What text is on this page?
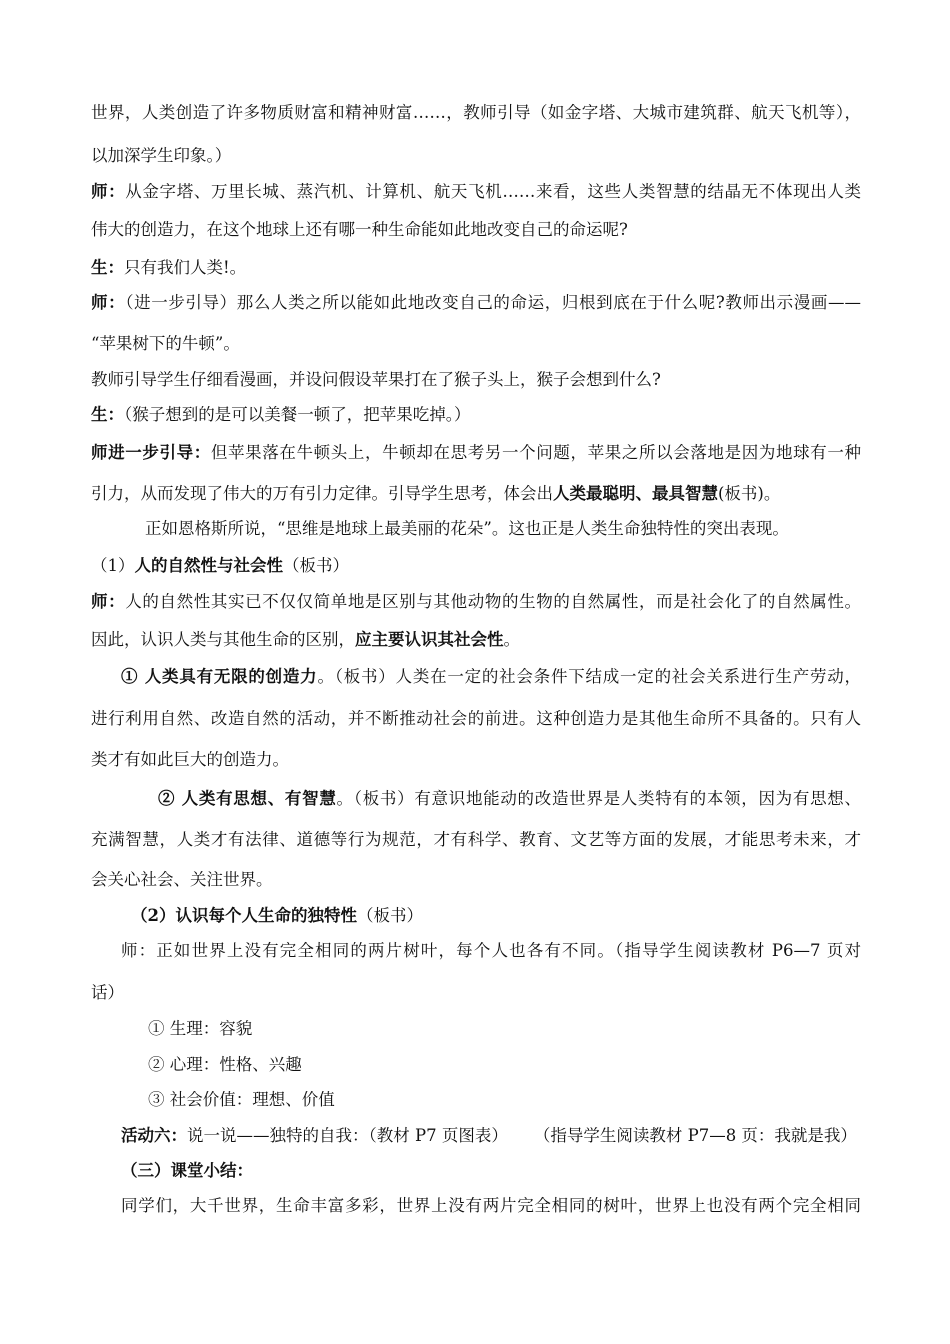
世界，人类创造了许多物质财富和精神财富……，教师引导（如金字塔、大城市建筑群、航天飞机等），
以加深学生印象。）
师：从金字塔、万里长城、蒸汽机、计算机、航天飞机……来看，这些人类智慧的结晶无不体现出人类
伟大的创造力，在这个地球上还有哪一种生命能如此地改变自己的命运呢?
生：只有我们人类!。
师：（进一步引导）那么人类之所以能如此地改变自己的命运，归根到底在于什么呢?教师出示漫画——
“苹果树下的牛顿”。
教师引导学生仔细看漫画，并设问假设苹果打在了猴子头上，猴子会想到什么?
生：（猴子想到的是可以美餐一顿了，把苹果吃掉。）
师进一步引导：但苹果落在牛顿头上，牛顿却在思考另一个问题，苹果之所以会落地是因为地球有一种
引力，从而发现了伟大的万有引力定律。引导学生思考，体会出人类最聪明、最具智慧(板书)。
正如恩格斯所说，“思维是地球上最美丽的花朵”。这也正是人类生命独特性的突出表现。
（1）人的自然性与社会性（板书）
师：人的自然性其实已不仅仅简单地是区别与其他动物的生物的自然属性，而是社会化了的自然属性。
因此，认识人类与其他生命的区别，应主要认识其社会性。
① 人类具有无限的创造力。（板书）人类在一定的社会条件下结成一定的社会关系进行生产劳动，
进行利用自然、改造自然的活动，并不断推动社会的前进。这种创造力是其他生命所不具备的。只有人
类才有如此巨大的创造力。
② 人类有思想、有智慧。（板书）有意识地能动的改造世界是人类特有的本领，因为有思想、
充满智慧，人类才有法律、道德等行为规范，才有科学、教育、文艺等方面的发展，才能思考未来，才
会关心社会、关注世界。
（2）认识每个人生命的独特性（板书）
师：正如世界上没有完全相同的两片树叶，每个人也各有不同。（指导学生阅读教材 P6—7 页对
话）
① 生理：容貌
② 心理：性格、兴趣
③ 社会价值：理想、价值
活动六：说一说——独特的自我：（教材 P7 页图表） （指导学生阅读教材 P7—8 页：我就是我）
（三）课堂小结：
同学们，大千世界，生命丰富多彩，世界上没有两片完全相同的树叶，世界上也没有两个完全相同
